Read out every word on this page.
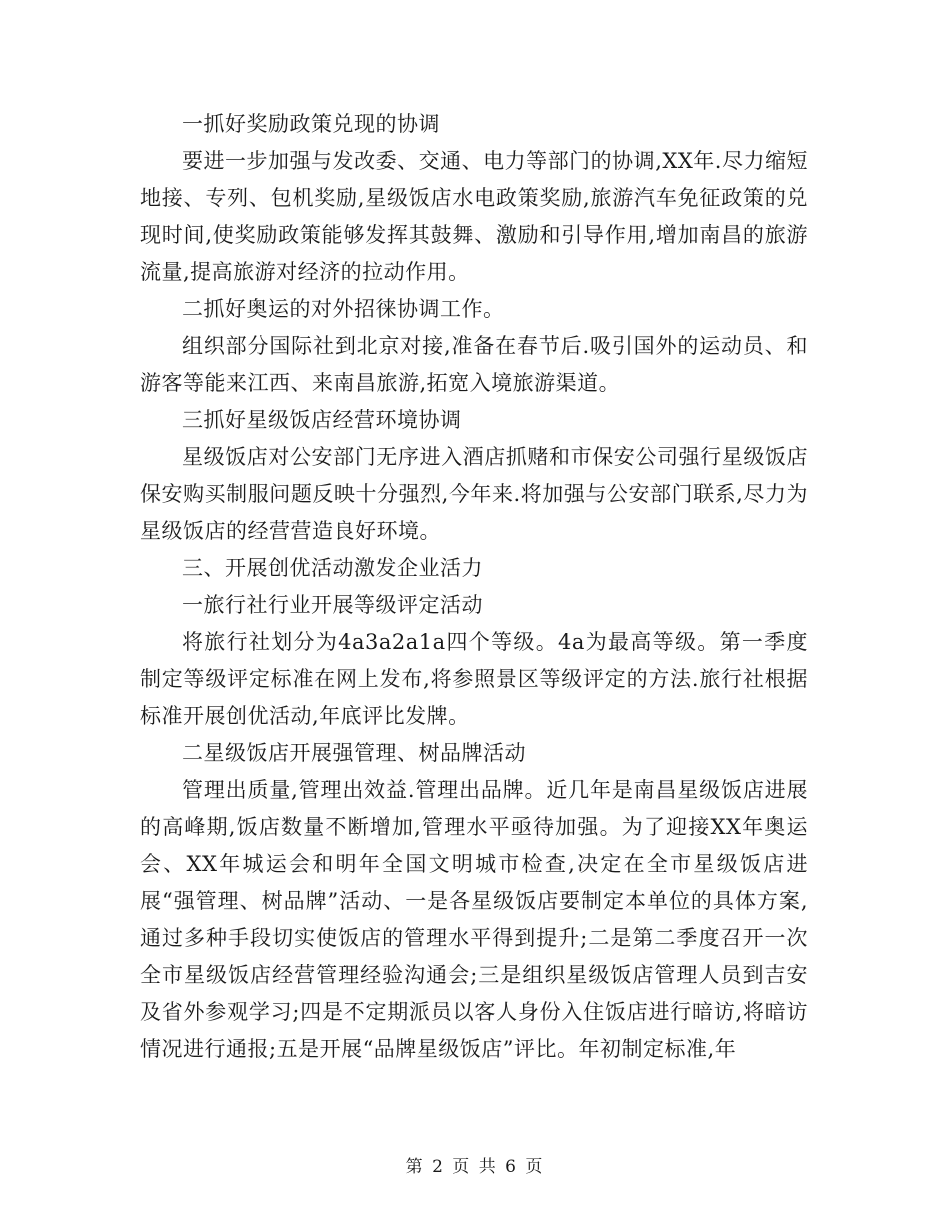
一抓好奖励政策兑现的协调

要进一步加强与发改委、交通、电力等部门的协调,XX年.尽力缩短地接、专列、包机奖励,星级饭店水电政策奖励,旅游汽车免征政策的兑现时间,使奖励政策能够发挥其鼓舞、激励和引导作用,增加南昌的旅游流量,提高旅游对经济的拉动作用。

二抓好奥运的对外招徕协调工作。

组织部分国际社到北京对接,准备在春节后.吸引国外的运动员、和游客等能来江西、来南昌旅游,拓宽入境旅游渠道。

三抓好星级饭店经营环境协调

星级饭店对公安部门无序进入酒店抓赌和市保安公司强行星级饭店保安购买制服问题反映十分强烈,今年来.将加强与公安部门联系,尽力为星级饭店的经营营造良好环境。

三、开展创优活动激发企业活力

一旅行社行业开展等级评定活动

将旅行社划分为4a3a2a1a四个等级。4a为最高等级。第一季度制定等级评定标准在网上发布,将参照景区等级评定的方法.旅行社根据标准开展创优活动,年底评比发牌。

二星级饭店开展强管理、树品牌活动

管理出质量,管理出效益.管理出品牌。近几年是南昌星级饭店进展的高峰期,饭店数量不断增加,管理水平亟待加强。为了迎接XX年奥运会、XX年城运会和明年全国文明城市检查,决定在全市星级饭店进展“强管理、树品牌”活动、一是各星级饭店要制定本单位的具体方案,通过多种手段切实使饭店的管理水平得到提升;二是第二季度召开一次全市星级饭店经营管理经验沟通会;三是组织星级饭店管理人员到吉安及省外参观学习;四是不定期派员以客人身份入住饭店进行暗访,将暗访情况进行通报;五是开展“品牌星级饭店”评比。年初制定标准,年

第 2 页 共 6 页
